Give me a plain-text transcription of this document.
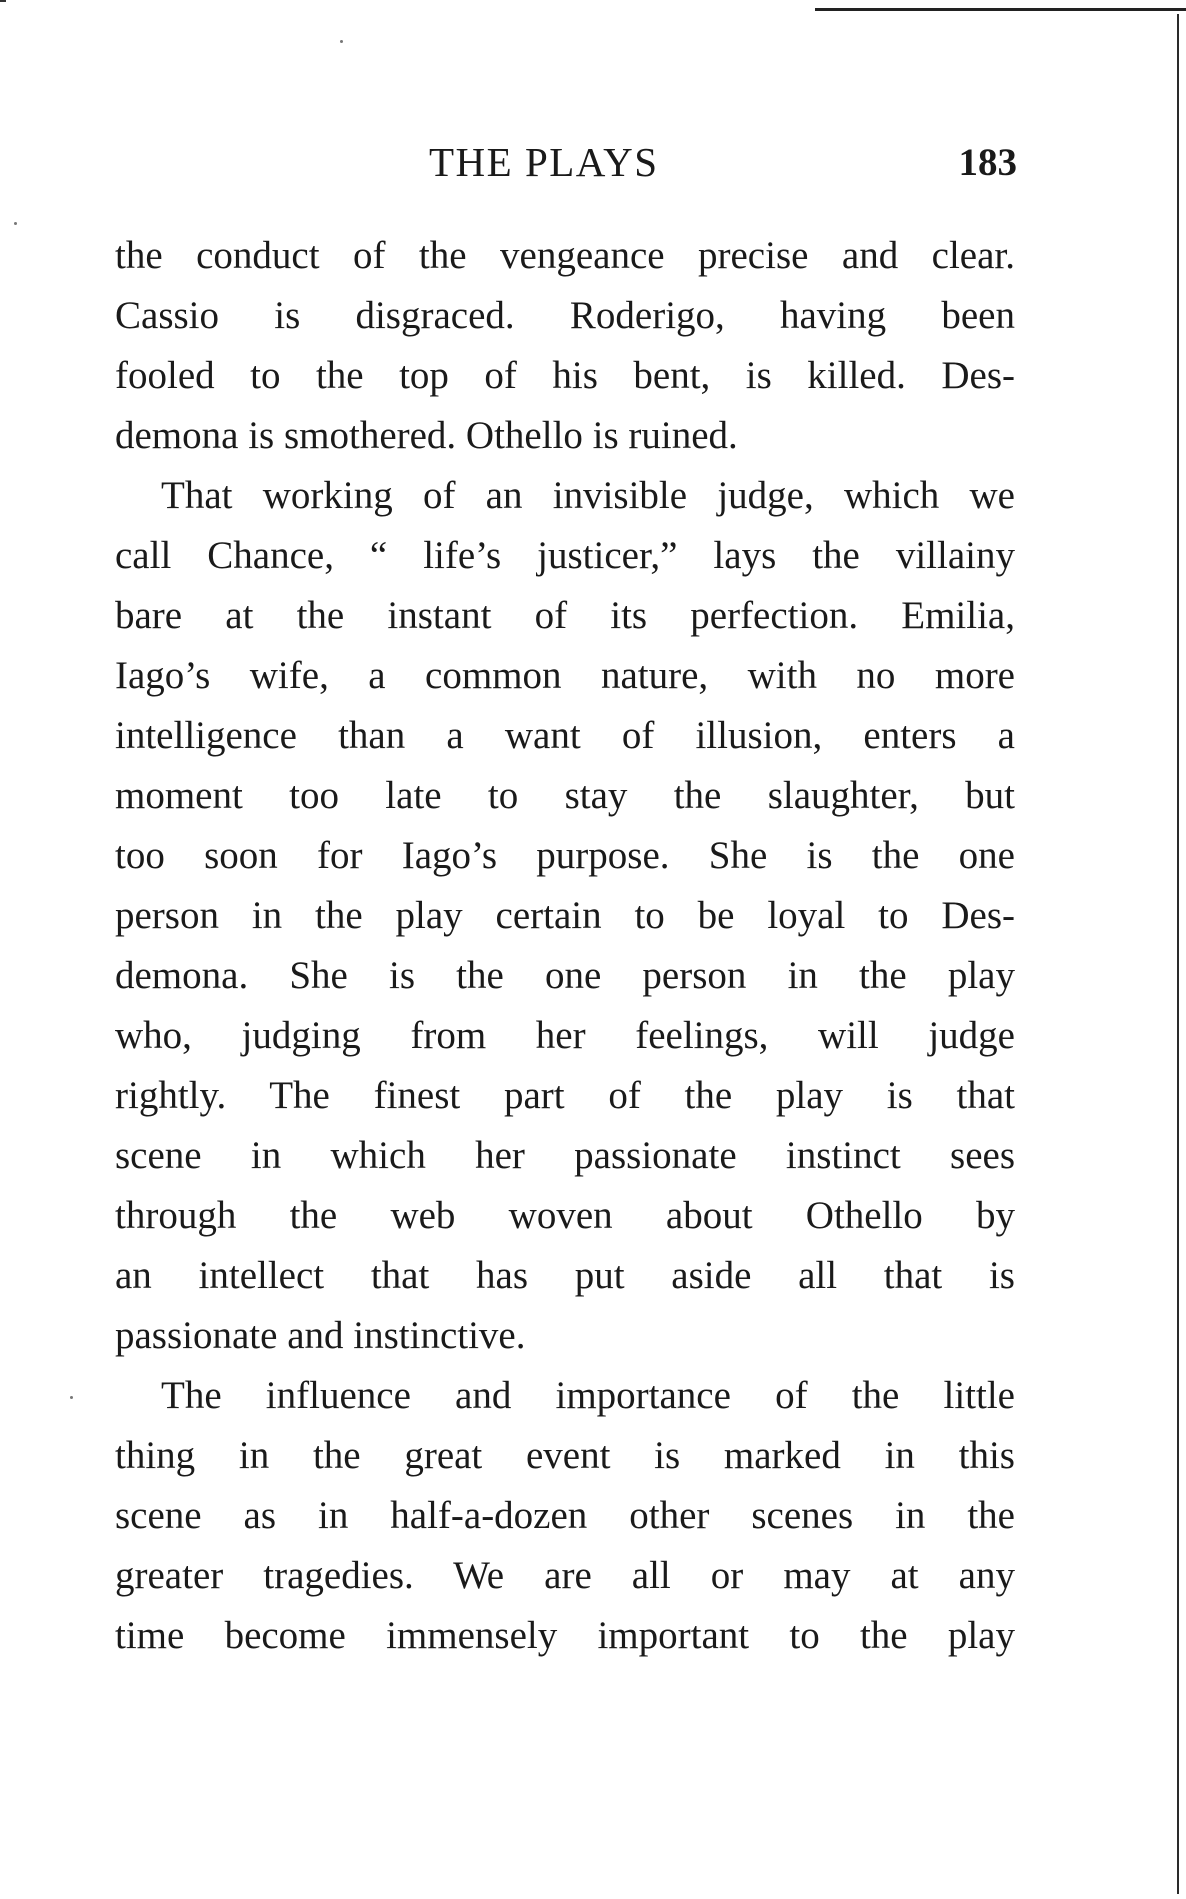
THE PLAYS	183
the conduct of the vengeance precise and clear.
Cassio is disgraced. Roderigo, having been
fooled to the top of his bent, is killed. Des-
demona is smothered. Othello is ruined.
That working of an invisible judge, which we
call Chance, “ life’s justicer,” lays the villainy
bare at the instant of its perfection. Emilia,
Iago’s wife, a common nature, with no more
intelligence than a want of illusion, enters a
moment too late to stay the slaughter, but
too soon for Iago’s purpose. She is the one
person in the play certain to be loyal to Des-
demona. She is the one person in the play
who, judging from her feelings, will judge
rightly. The finest part of the play is that
scene in which her passionate instinct sees
through the web woven about Othello by
an intellect that has put aside all that is
passionate and instinctive.
The influence and importance of the little
thing in the great event is marked in this
scene as in half-a-dozen other scenes in the
greater tragedies. We are all or may at any
time become immensely important to the play
